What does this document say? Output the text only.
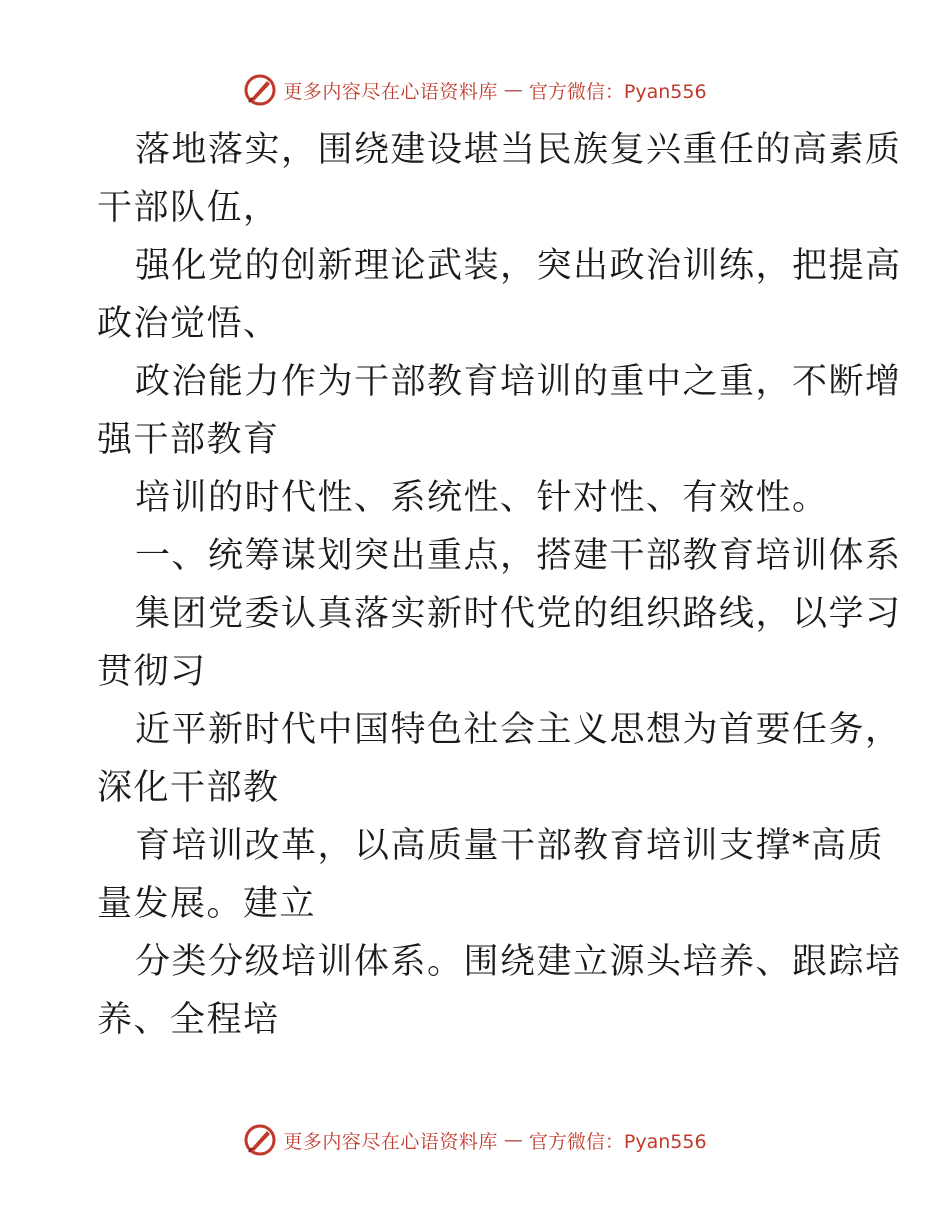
更多内容尽在心语资料库 — 官方微信：Pyan556
落地落实，围绕建设堪当民族复兴重任的高素质
干部队伍，
强化党的创新理论武装，突出政治训练，把提高
政治觉悟、
政治能力作为干部教育培训的重中之重，不断增
强干部教育
培训的时代性、系统性、针对性、有效性。
一、统筹谋划突出重点，搭建干部教育培训体系
集团党委认真落实新时代党的组织路线，以学习
贯彻习
近平新时代中国特色社会主义思想为首要任务，
深化干部教
育培训改革，以高质量干部教育培训支撑*高质
量发展。建立
分类分级培训体系。围绕建立源头培养、跟踪培
养、全程培
更多内容尽在心语资料库 — 官方微信：Pyan556
